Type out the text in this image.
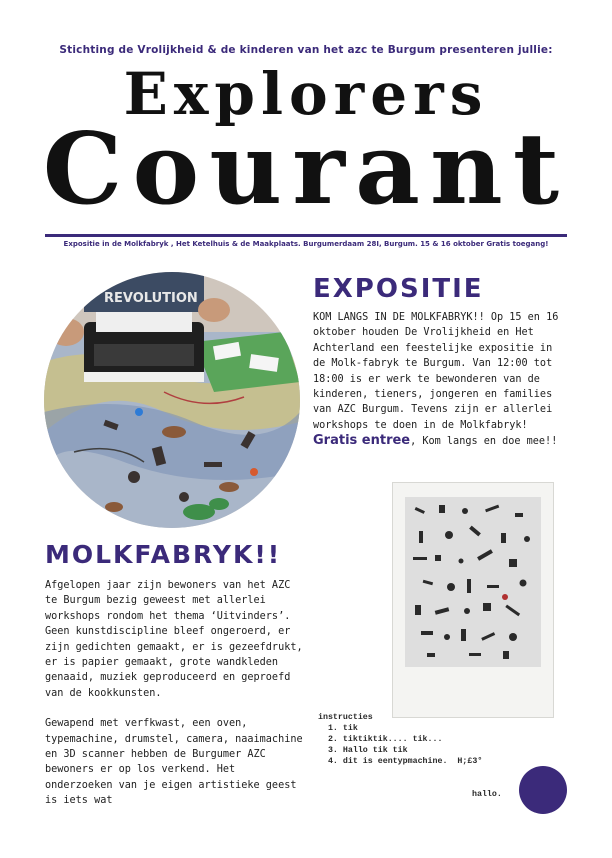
Stichting de Vrolijkheid & de kinderen van het azc te Burgum presenteren jullie:
Explorers
Courant
Expositie in de Molkfabryk , Het Ketelhuis & de Maakplaats. Burgumerdaam 28I, Burgum. 15 & 16 oktober Gratis toegang!
REVOLUTION	EXPOSITIE
KOM LANGS IN DE MOLKFABRYK!! Op 15 en 16 oktober houden De Vrolijkheid en Het Achterland een feestelijke expositie in de Molk-fabryk te Burgum. Van 12:00 tot 18:00 is er werk te bewonderen van de kinderen, tieners, jongeren en families van AZC Burgum. Tevens zijn er allerlei workshops te doen in de Molkfabryk! Gratis entree, Kom langs en doe mee!!
MOLKFABRYK!!

Afgelopen jaar zijn bewoners van het AZC te Burgum bezig geweest met allerlei workshops rondom het thema ‘Uitvinders’. Geen kunstdiscipline bleef ongeroerd, er zijn gedichten gemaakt, er is gezeefdrukt, er is papier gemaakt, grote wandkleden genaaid, muziek geproduceerd en geproefd van de kookkunsten.

Gewapend met verfkwast, een oven, typemachine, drumstel, camera, naaimachine en 3D scanner hebben de Burgumer AZC bewoners er op los verkend. Het onderzoeken van je eigen artistieke geest is iets wat

instructies
1. tik
2. tiktiktik.... tik...
3. Hallo tik tik
4. dit is eentypmachine.  H;£3°
hallo.
